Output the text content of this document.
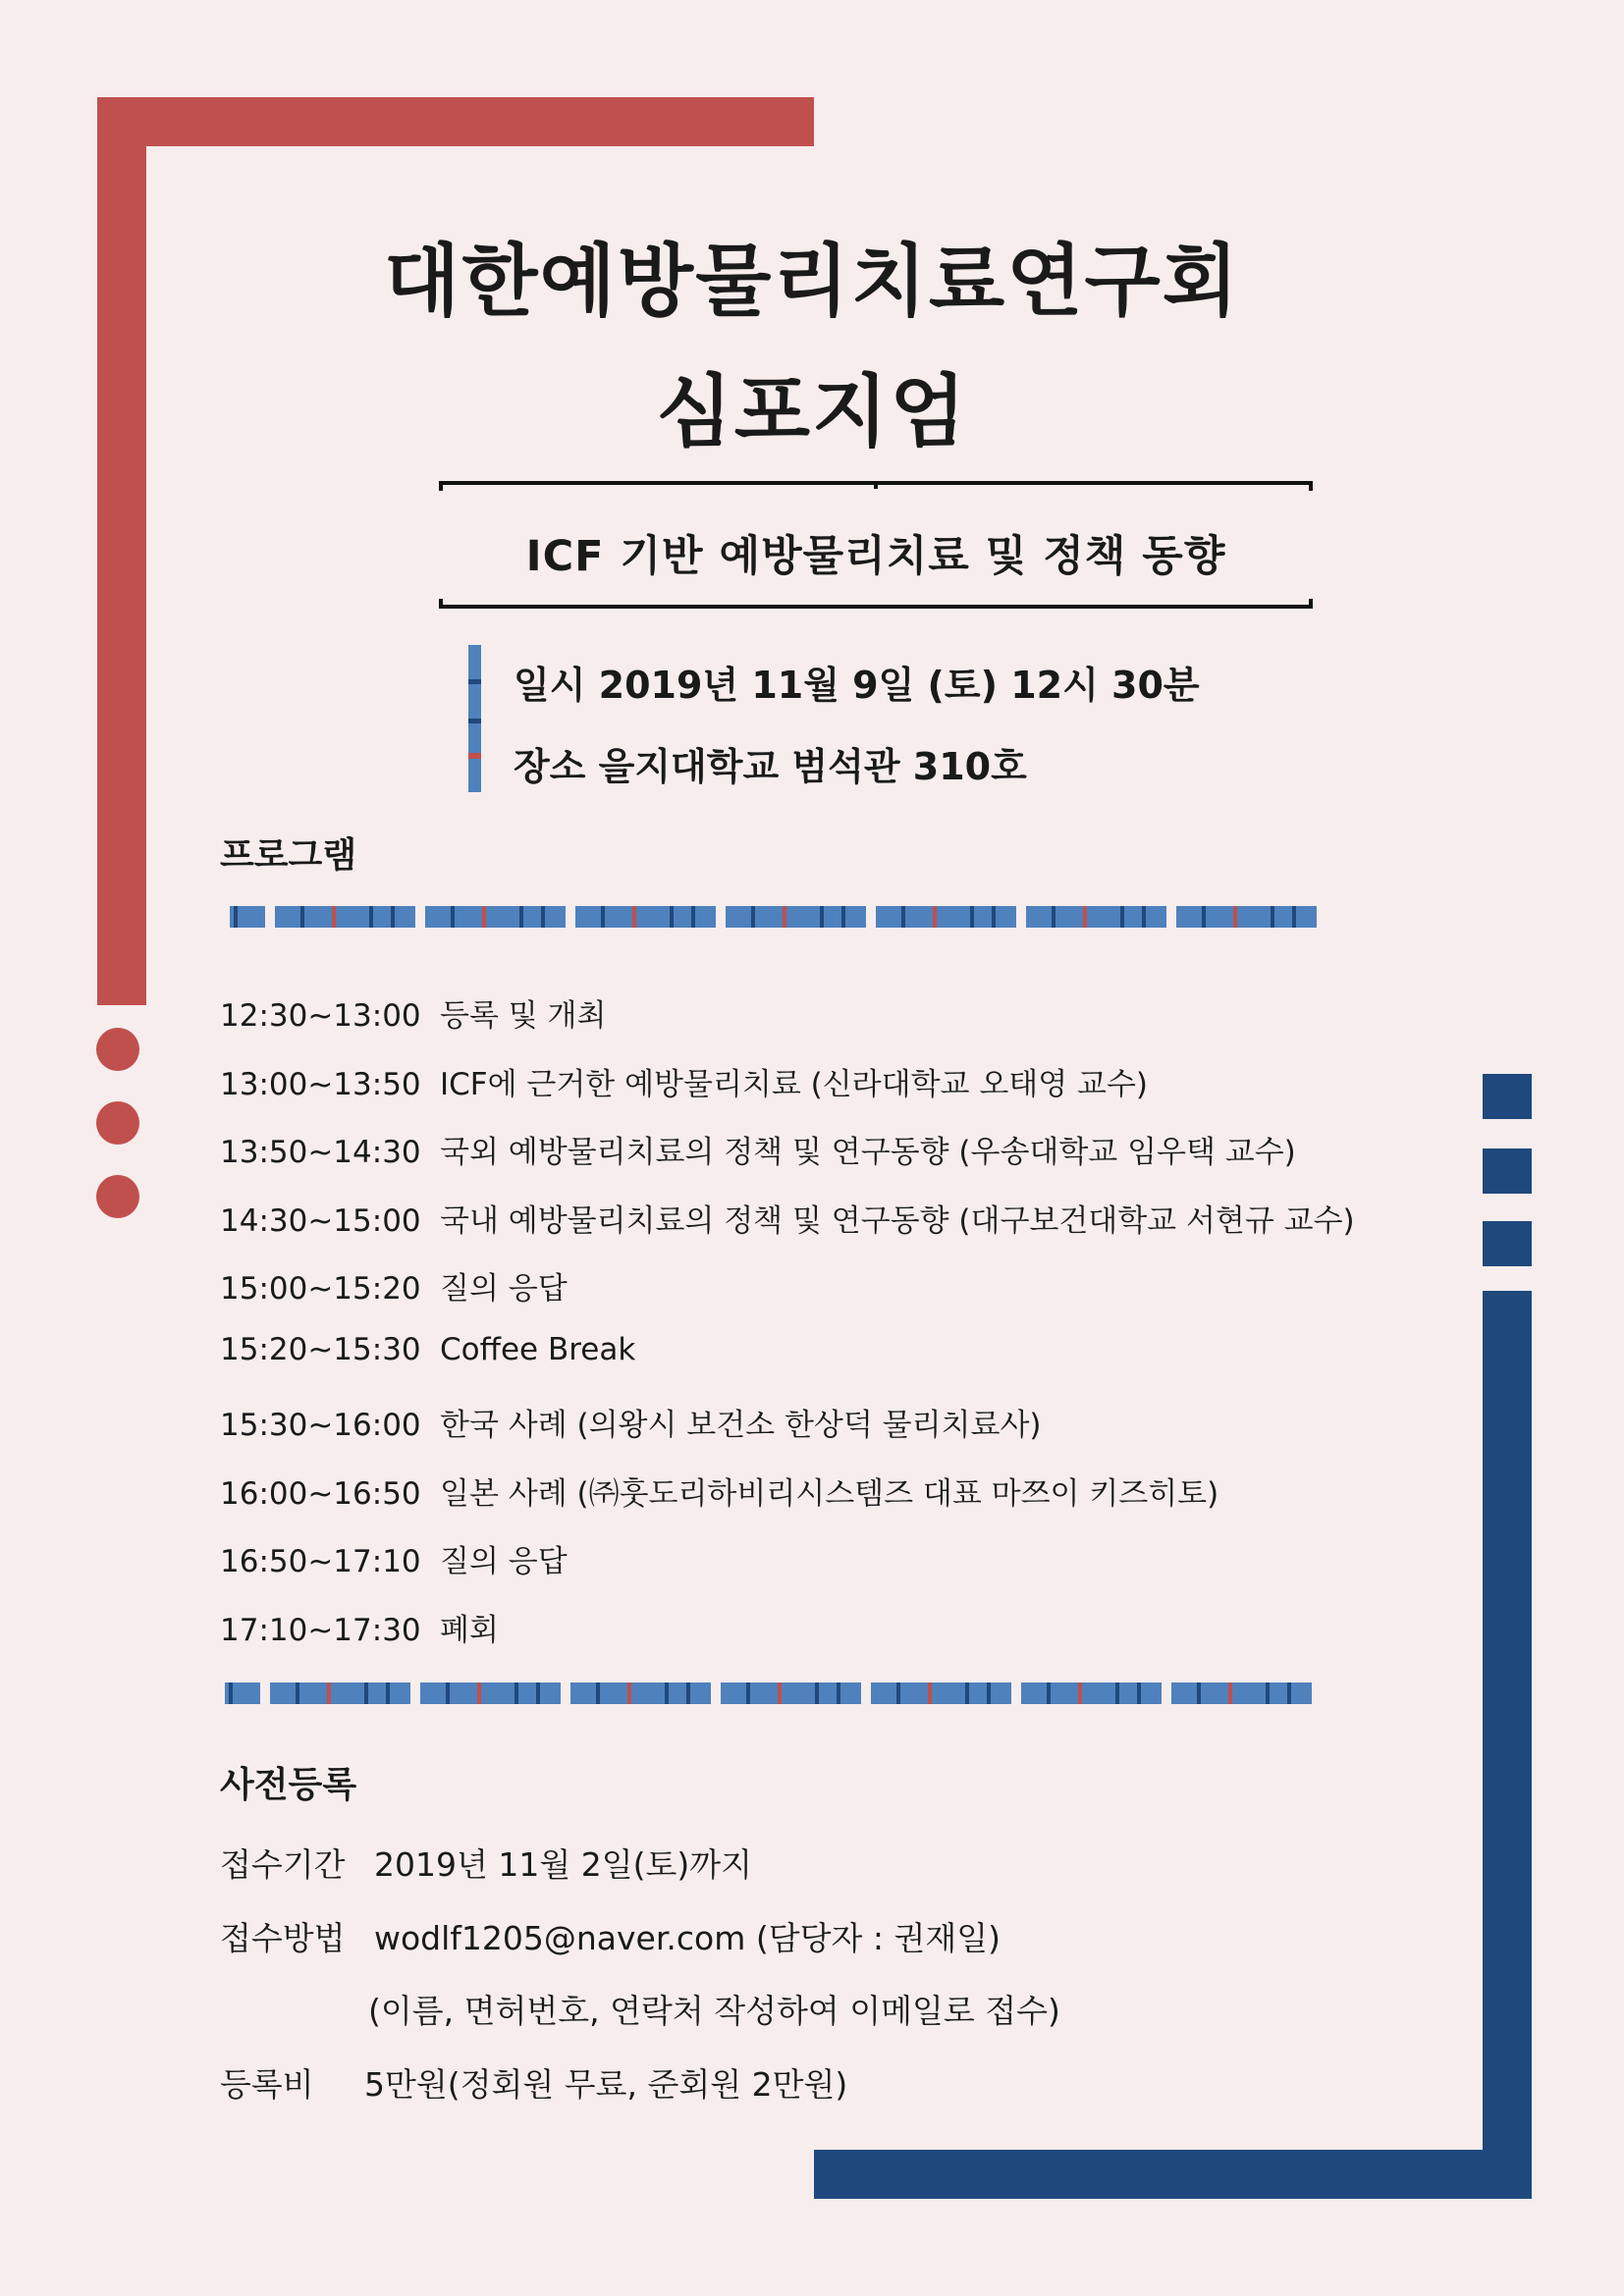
대한예방물리치료연구회
심포지엄
ICF 기반 예방물리치료 및 정책 동향
일시 2019년 11월 9일 (토) 12시 30분
장소 을지대학교 범석관 310호
프로그램
12:30~13:00 등록 및 개최
13:00~13:50 ICF에 근거한 예방물리치료 (신라대학교 오태영 교수)
13:50~14:30 국외 예방물리치료의 정책 및 연구동향 (우송대학교 임우택 교수)
14:30~15:00 국내 예방물리치료의 정책 및 연구동향 (대구보건대학교 서현규 교수)
15:00~15:20 질의 응답
15:20~15:30 Coffee Break
15:30~16:00 한국 사례 (의왕시 보건소 한상덕 물리치료사)
16:00~16:50 일본 사례 (㈜훗도리하비리시스템즈 대표 마쯔이 키즈히토)
16:50~17:10 질의 응답
17:10~17:30 폐회
사전등록
접수기간 2019년 11월 2일(토)까지
접수방법 wodlf1205@naver.com (담당자 : 권재일)
(이름, 면허번호, 연락처 작성하여 이메일로 접수)
등록비 5만원(정회원 무료, 준회원 2만원)
